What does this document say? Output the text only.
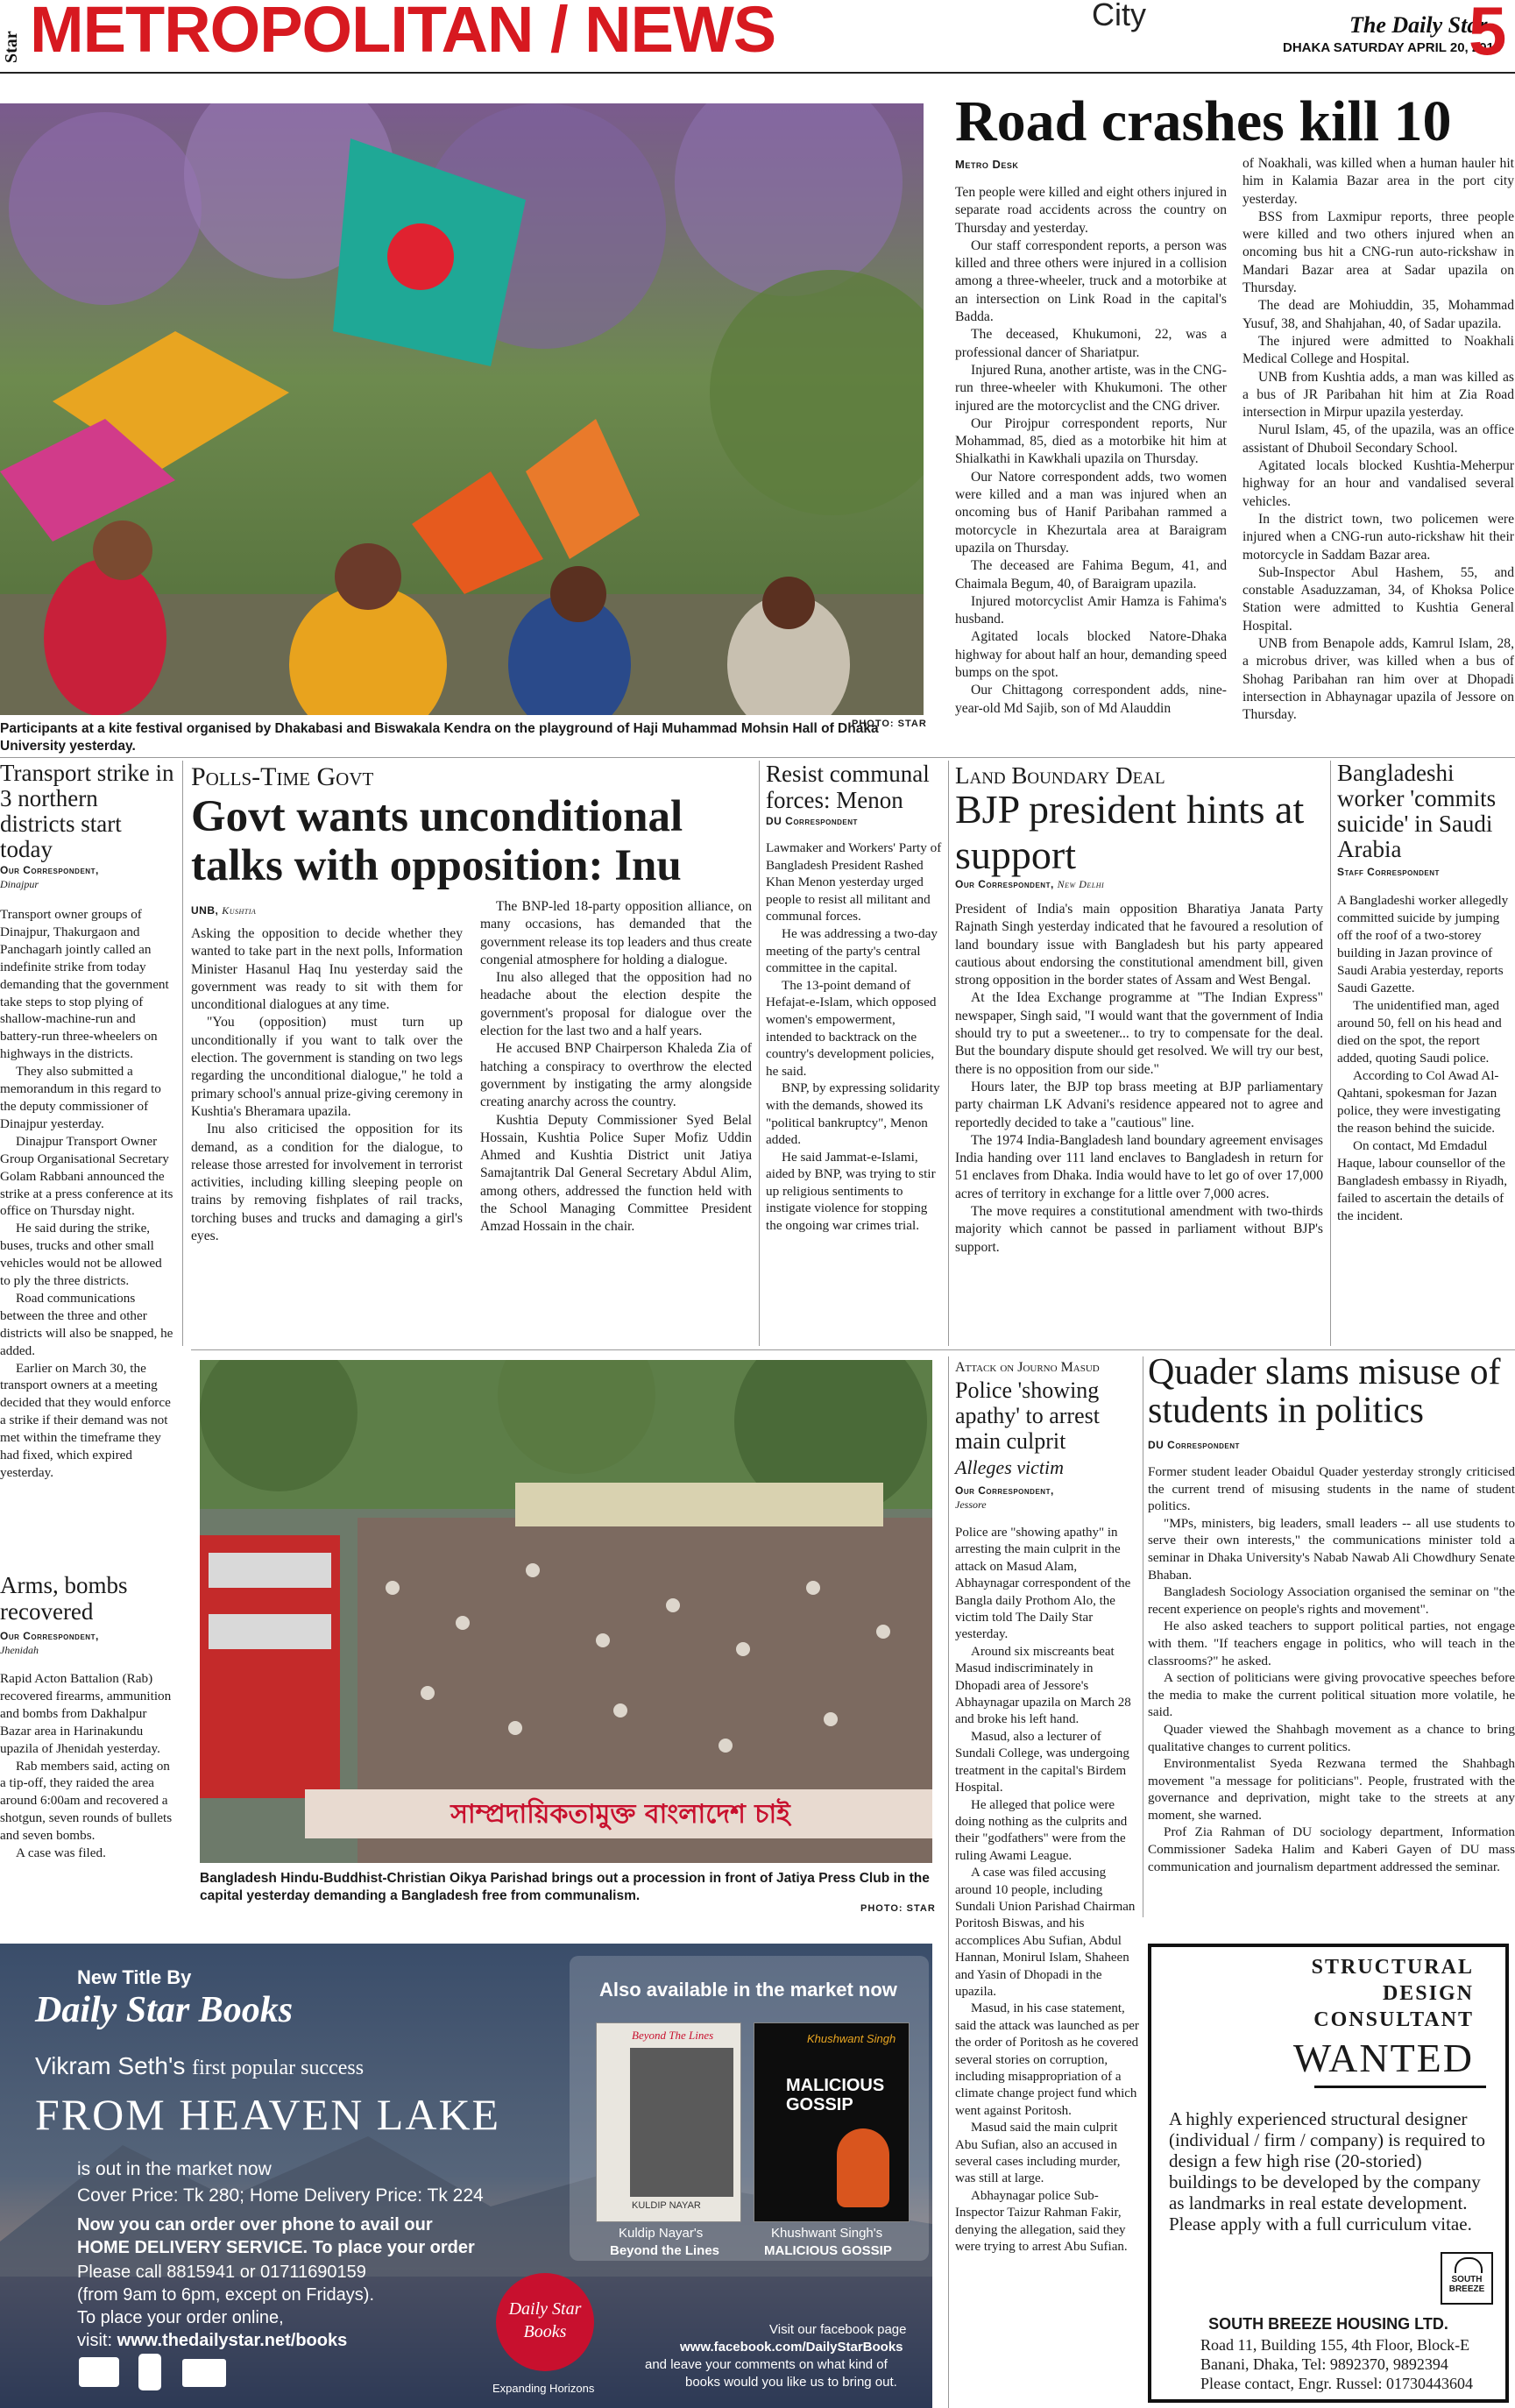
Star METROPOLITAN / NEWS	City	The Daily Star
DHAKA SATURDAY APRIL 20, 2013
5
Participants at a kite festival organised by Dhakabasi and Biswakala Kendra on the playground of Haji Muhammad Mohsin Hall of Dhaka University yesterday.
PHOTO: STAR
Road crashes kill 10
Metro Desk

Ten people were killed and eight others injured in separate road accidents across the country on Thursday and yesterday.

Our staff correspondent reports, a person was killed and three others were injured in a collision among a three-wheeler, truck and a motorbike at an intersection on Link Road in the capital's Badda.

The deceased, Khukumoni, 22, was a professional dancer of Shariatpur.

Injured Runa, another artiste, was in the CNG-run three-wheeler with Khukumoni. The other injured are the motorcyclist and the CNG driver.

Our Pirojpur correspondent reports, Nur Mohammad, 85, died as a motorbike hit him at Shialkathi in Kawkhali upazila on Thursday.

Our Natore correspondent adds, two women were killed and a man was injured when an oncoming bus of Hanif Paribahan rammed a motorcycle in Khezurtala area at Baraigram upazila on Thursday.

The deceased are Fahima Begum, 41, and Chaimala Begum, 40, of Baraigram upazila.

Injured motorcyclist Amir Hamza is Fahima's husband.

Agitated locals blocked Natore-Dhaka highway for about half an hour, demanding speed bumps on the spot.

Our Chittagong correspondent adds, nine-year-old Md Sajib, son of Md Alauddin

of Noakhali, was killed when a human hauler hit him in Kalamia Bazar area in the port city yesterday.

BSS from Laxmipur reports, three people were killed and two others injured when an oncoming bus hit a CNG-run auto-rickshaw in Mandari Bazar area at Sadar upazila on Thursday.

The dead are Mohiuddin, 35, Mohammad Yusuf, 38, and Shahjahan, 40, of Sadar upazila.

The injured were admitted to Noakhali Medical College and Hospital.

UNB from Kushtia adds, a man was killed as a bus of JR Paribahan hit him at Zia Road intersection in Mirpur upazila yesterday.

Nurul Islam, 45, of the upazila, was an office assistant of Dhuboil Secondary School.

Agitated locals blocked Kushtia-Meherpur highway for an hour and vandalised several vehicles.

In the district town, two policemen were injured when a CNG-run auto-rickshaw hit their motorcycle in Saddam Bazar area.

Sub-Inspector Abul Hashem, 55, and constable Asaduzzaman, 34, of Khoksa Police Station were admitted to Kushtia General Hospital.

UNB from Benapole adds, Kamrul Islam, 28, a microbus driver, was killed when a bus of Shohag Paribahan ran him over at Dhopadi intersection in Abhaynagar upazila of Jessore on Thursday.

Transport strike in 3 northern districts start today
Our Correspondent,
Dinajpur

Transport owner groups of Dinajpur, Thakurgaon and Panchagarh jointly called an indefinite strike from today demanding that the government take steps to stop plying of shallow-machine-run and battery-run three-wheelers on highways in the districts.

They also submitted a memorandum in this regard to the deputy commissioner of Dinajpur yesterday.

Dinajpur Transport Owner Group Organisational Secretary Golam Rabbani announced the strike at a press conference at its office on Thursday night.

He said during the strike, buses, trucks and other small vehicles would not be allowed to ply the three districts.

Road communications between the three and other districts will also be snapped, he added.

Earlier on March 30, the transport owners at a meeting decided that they would enforce a strike if their demand was not met within the timeframe they had fixed, which expired yesterday.

Arms, bombs recovered
Our Correspondent,
Jhenidah

Rapid Acton Battalion (Rab) recovered firearms, ammunition and bombs from Dakhalpur Bazar area in Harinakundu upazila of Jhenidah yesterday.

Rab members said, acting on a tip-off, they raided the area around 6:00am and recovered a shotgun, seven rounds of bullets and seven bombs.

A case was filed.

Polls-Time Govt
Govt wants unconditional talks with opposition: Inu
UNB, Kushtia

Asking the opposition to decide whether they wanted to take part in the next polls, Information Minister Hasanul Haq Inu yesterday said the government was ready to sit with them for unconditional dialogues at any time.

"You (opposition) must turn up unconditionally if you want to talk over the election. The government is standing on two legs regarding the unconditional dialogue," he told a primary school's annual prize-giving ceremony in Kushtia's Bheramara upazila.

Inu also criticised the opposition for its demand, as a condition for the dialogue, to release those arrested for involvement in terrorist activities, including killing sleeping people on trains by removing fishplates of rail tracks, torching buses and trucks and damaging a girl's eyes.

The BNP-led 18-party opposition alliance, on many occasions, has demanded that the government release its top leaders and thus create congenial atmosphere for holding a dialogue.

Inu also alleged that the opposition had no headache about the election despite the government's proposal for dialogue over the election for the last two and a half years.

He accused BNP Chairperson Khaleda Zia of hatching a conspiracy to overthrow the elected government by instigating the army alongside creating anarchy across the country.

Kushtia Deputy Commissioner Syed Belal Hossain, Kushtia Police Super Mofiz Uddin Ahmed and Kushtia District unit Jatiya Samajtantrik Dal General Secretary Abdul Alim, among others, addressed the function held with the School Managing Committee President Amzad Hossain in the chair.

Resist communal forces: Menon
DU Correspondent

Lawmaker and Workers' Party of Bangladesh President Rashed Khan Menon yesterday urged people to resist all militant and communal forces.

He was addressing a two-day meeting of the party's central committee in the capital.

The 13-point demand of Hefajat-e-Islam, which opposed women's empowerment, intended to backtrack on the country's development policies, he said.

BNP, by expressing solidarity with the demands, showed its "political bankruptcy", Menon added.

He said Jammat-e-Islami, aided by BNP, was trying to stir up religious sentiments to instigate violence for stopping the ongoing war crimes trial.

Land Boundary Deal
BJP president hints at support
Our Correspondent, New Delhi

President of India's main opposition Bharatiya Janata Party Rajnath Singh yesterday indicated that he favoured a resolution of land boundary issue with Bangladesh but his party appeared cautious about endorsing the constitutional amendment bill, given strong opposition in the border states of Assam and West Bengal.

At the Idea Exchange programme at "The Indian Express" newspaper, Singh said, "I would want that the government of India should try to put a sweetener... to try to compensate for the deal. But the boundary dispute should get resolved. We will try our best, there is no opposition from our side."

Hours later, the BJP top brass meeting at BJP parliamentary party chairman LK Advani's residence appeared not to agree and reportedly decided to take a "cautious" line.

The 1974 India-Bangladesh land boundary agreement envisages India handing over 111 land enclaves to Bangladesh in return for 51 enclaves from Dhaka. India would have to let go of over 17,000 acres of territory in exchange for a little over 7,000 acres.

The move requires a constitutional amendment with two-thirds majority which cannot be passed in parliament without BJP's support.

Bangladeshi worker 'commits suicide' in Saudi Arabia
Staff Correspondent

A Bangladeshi worker allegedly committed suicide by jumping off the roof of a two-storey building in Jazan province of Saudi Arabia yesterday, reports Saudi Gazette.

The unidentified man, aged around 50, fell on his head and died on the spot, the report added, quoting Saudi police.

According to Col Awad Al-Qahtani, spokesman for Jazan police, they were investigating the reason behind the suicide.

On contact, Md Emdadul Haque, labour counsellor of the Bangladesh embassy in Riyadh, failed to ascertain the details of the incident.

সাম্প্রদায়িকতামুক্ত বাংলাদেশ চাই
Bangladesh Hindu-Buddhist-Christian Oikya Parishad brings out a procession in front of Jatiya Press Club in the capital yesterday demanding a Bangladesh free from communalism.
PHOTO: STAR
Attack on Journo Masud
Police 'showing apathy' to arrest main culprit
Alleges victim
Our Correspondent,
Jessore

Police are "showing apathy" in arresting the main culprit in the attack on Masud Alam, Abhaynagar correspondent of the Bangla daily Prothom Alo, the victim told The Daily Star yesterday.

Around six miscreants beat Masud indiscriminately in Dhopadi area of Jessore's Abhaynagar upazila on March 28 and broke his left hand.

Masud, also a lecturer of Sundali College, was undergoing treatment in the capital's Birdem Hospital.

He alleged that police were doing nothing as the culprits and their "godfathers" were from the ruling Awami League.

A case was filed accusing around 10 people, including Sundali Union Parishad Chairman Poritosh Biswas, and his accomplices Abu Sufian, Abdul Hannan, Monirul Islam, Shaheen and Yasin of Dhopadi in the upazila.

Masud, in his case statement, said the attack was launched as per the order of Poritosh as he covered several stories on corruption, including misappropriation of a climate change project fund which went against Poritosh.

Masud said the main culprit Abu Sufian, also an accused in several cases including murder, was still at large.

Abhaynagar police Sub-Inspector Taizur Rahman Fakir, denying the allegation, said they were trying to arrest Abu Sufian.

Quader slams misuse of students in politics
DU Correspondent

Former student leader Obaidul Quader yesterday strongly criticised the current trend of misusing students in the name of student politics.

"MPs, ministers, big leaders, small leaders -- all use students to serve their own interests," the communications minister told a seminar in Dhaka University's Nabab Nawab Ali Chowdhury Senate Bhaban.

Bangladesh Sociology Association organised the seminar on "the recent experience on people's rights and movement".

He also asked teachers to support political parties, not engage with them. "If teachers engage in politics, who will teach in the classrooms?" he asked.

A section of politicians were giving provocative speeches before the media to make the current political situation more volatile, he said.

Quader viewed the Shahbagh movement as a chance to bring qualitative changes to current politics.

Environmentalist Syeda Rezwana termed the Shahbagh movement "a message for politicians". People, frustrated with the governance and deprivation, might take to the streets at any moment, she warned.

Prof Zia Rahman of DU sociology department, Information Commissioner Sadeka Halim and Kaberi Gayen of DU mass communication and journalism department addressed the seminar.

New Title By
Daily Star Books
Vikram Seth's first popular success
FROM HEAVEN LAKE
is out in the market now
Cover Price: Tk 280; Home Delivery Price: Tk 224
Now you can order over phone to avail our
HOME DELIVERY SERVICE. To place your order
Please call 8815941 or 01711690159
(from 9am to 6pm, except on Fridays).
To place your order online,
visit: www.thedailystar.net/books
Also available in the market now
Beyond The Lines
KULDIP NAYAR
Khushwant Singh
MALICIOUS GOSSIP
Kuldip Nayar's
Beyond the Lines
Khushwant Singh's
MALICIOUS GOSSIP
Daily Star
Books
Expanding Horizons
Visit our facebook page
www.facebook.com/DailyStarBooks
and leave your comments on what kind of
books would you like us to bring out.
STRUCTURAL
DESIGN
CONSULTANT
WANTED
A highly experienced structural designer (individual / firm / company) is required to design a few high rise (20-storied) buildings to be developed by the company as landmarks in real estate development. Please apply with a full curriculum vitae.
SOUTH BREEZE
SOUTH BREEZE HOUSING LTD.
Road 11, Building 155, 4th Floor, Block-E
Banani, Dhaka, Tel: 9892370, 9892394
Please contact, Engr. Russel: 01730443604
